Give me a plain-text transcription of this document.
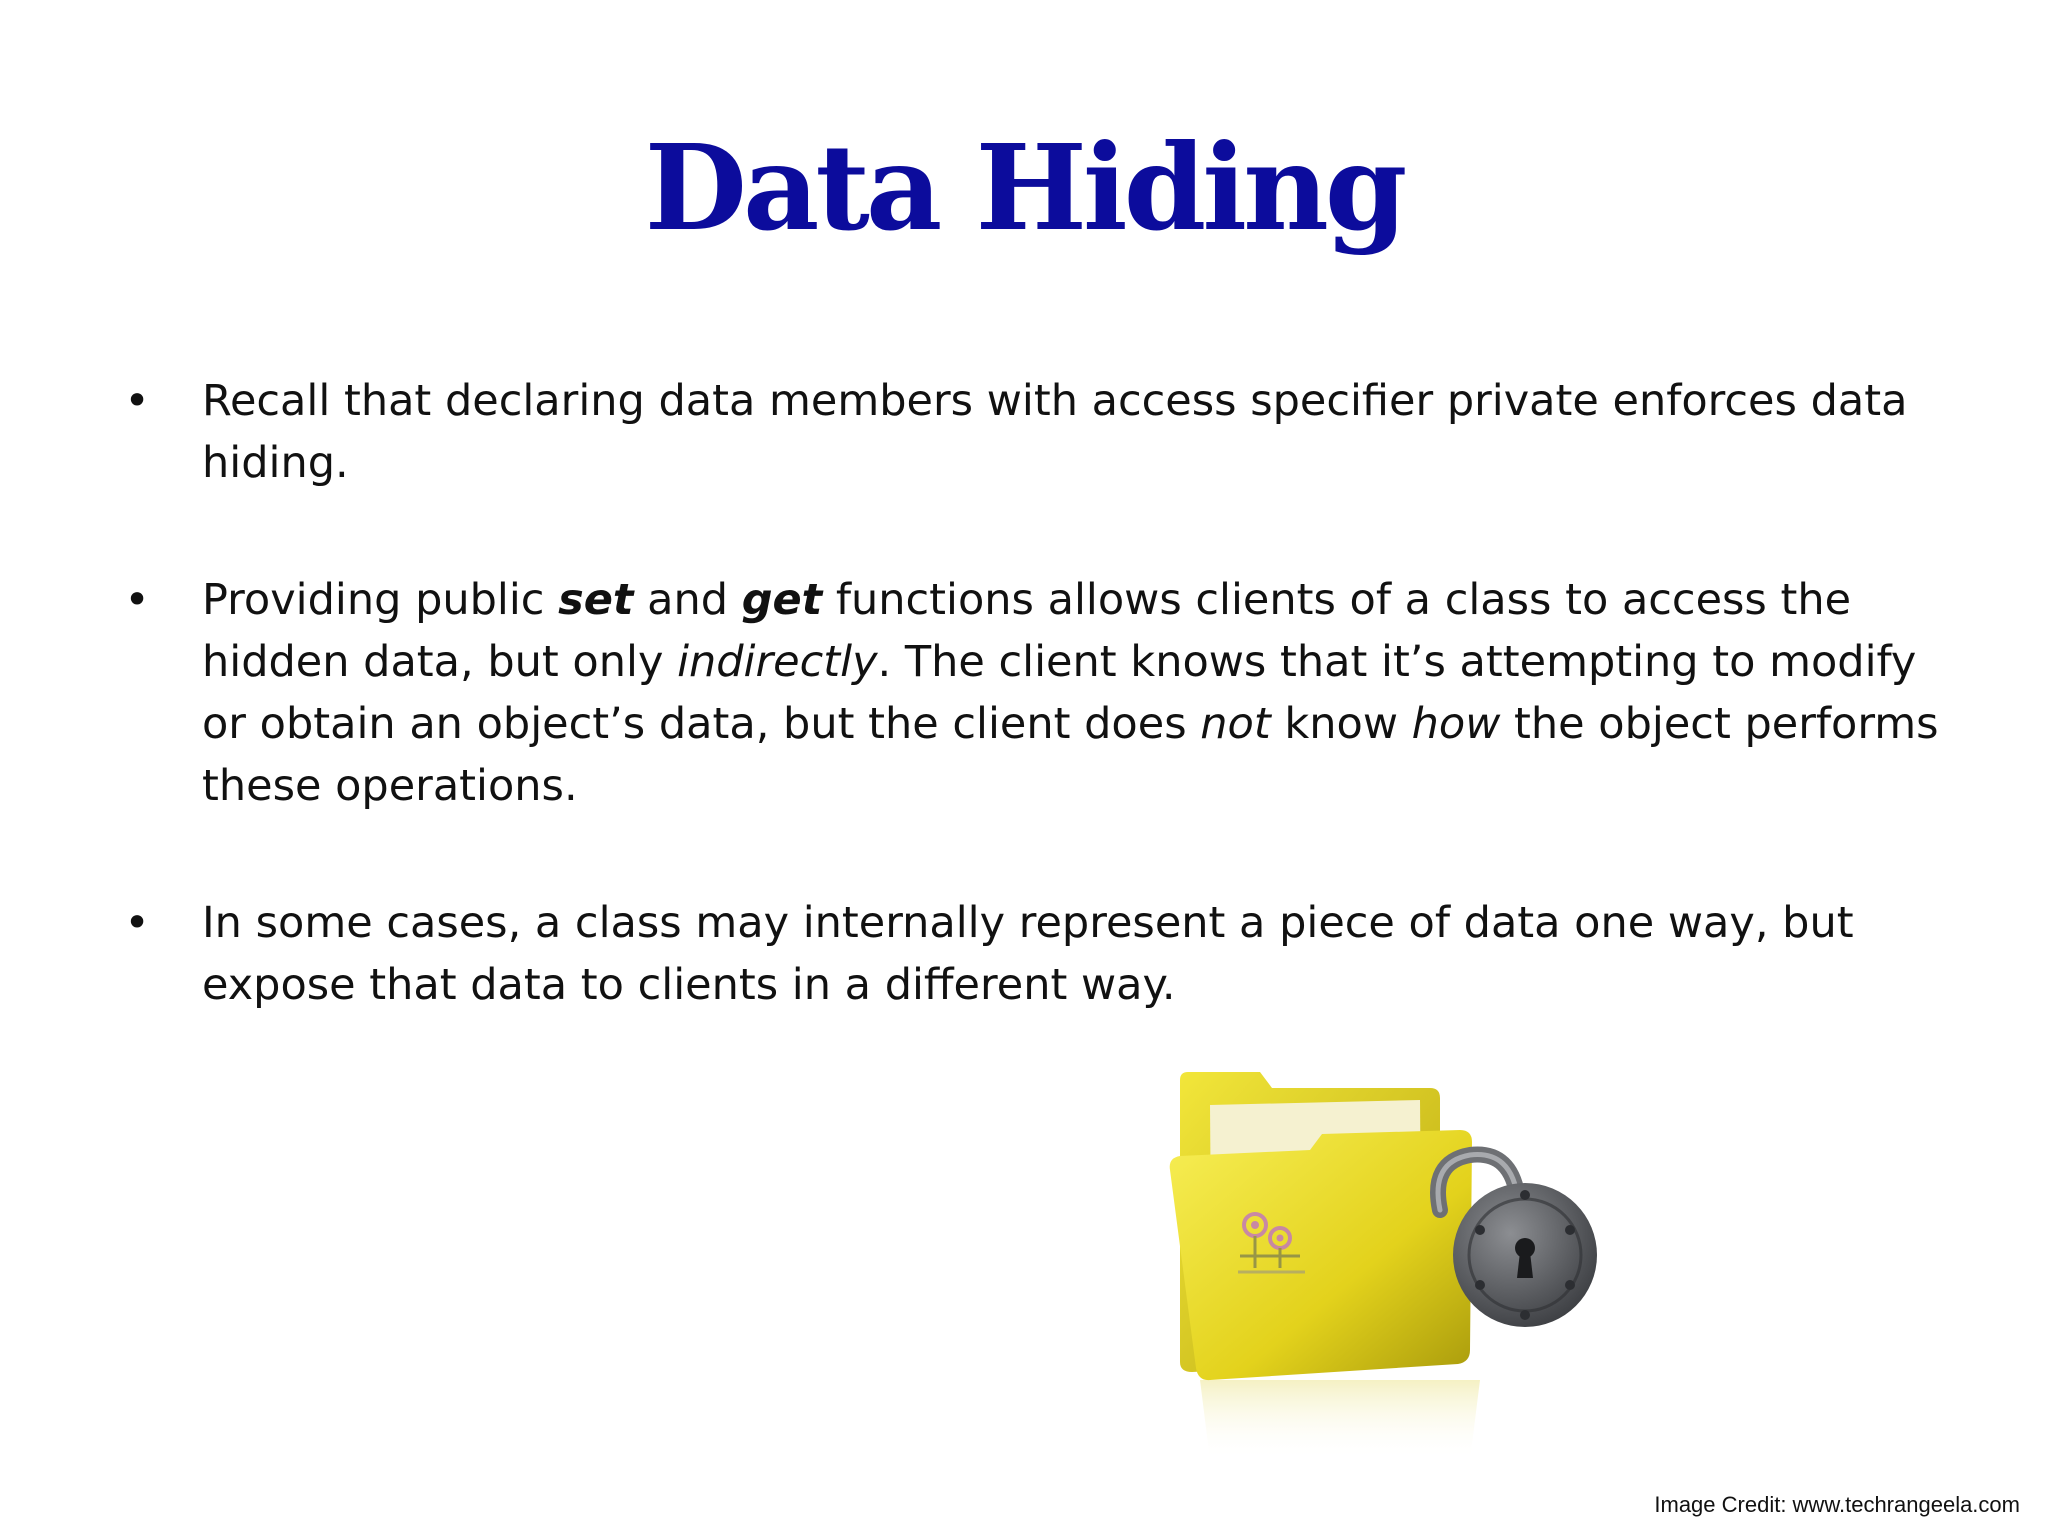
Data Hiding
• Recall that declaring data members with access specifier private enforces data hiding.
• Providing public set and get functions allows clients of a class to access the hidden data, but only indirectly. The client knows that it’s attempting to modify or obtain an object’s data, but the client does not know how the object performs these operations.
• In some cases, a class may internally represent a piece of data one way, but expose that data to clients in a different way.
Image Credit: www.techrangeela.com
